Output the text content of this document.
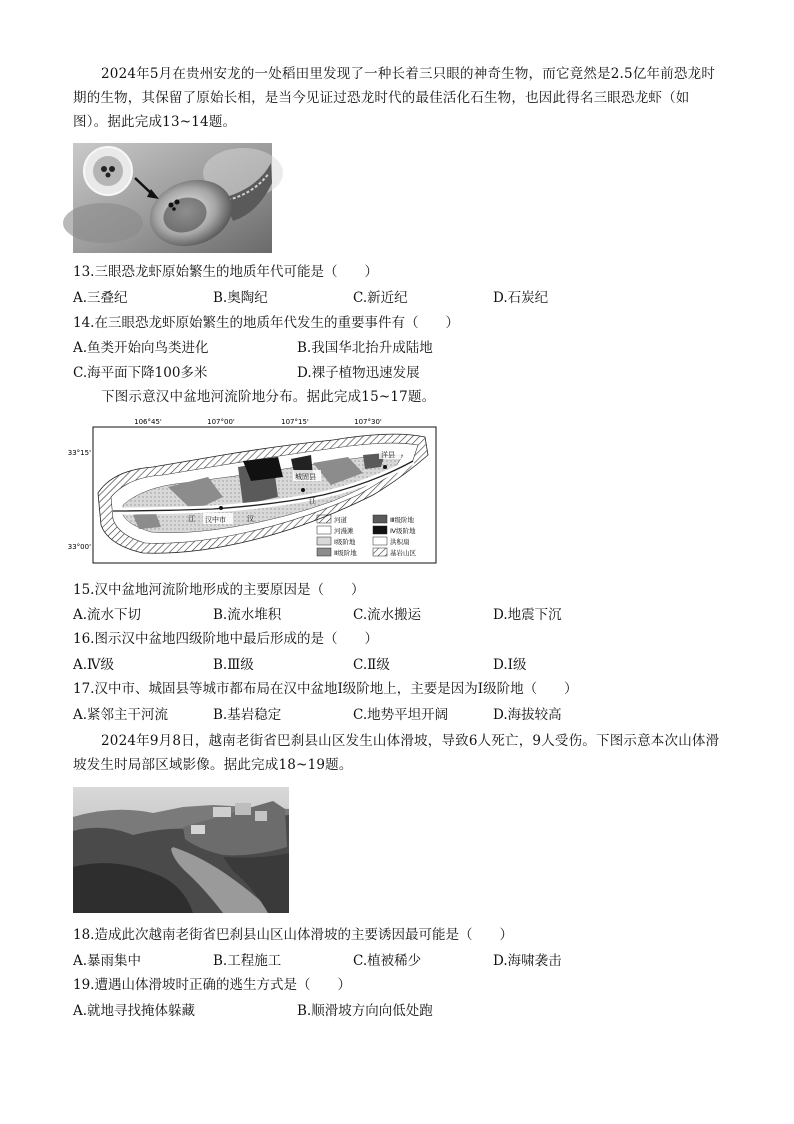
2024年5月在贵州安龙的一处稻田里发现了一种长着三只眼的神奇生物，而它竟然是2.5亿年前恐龙时期的生物，其保留了原始长相，是当今见证过恐龙时代的最佳活化石生物，也因此得名三眼恐龙虾（如图）。据此完成13~14题。

13.三眼恐龙虾原始繁生的地质年代可能是（　　）

A.三叠纪	B.奥陶纪	C.新近纪	D.石炭纪

14.在三眼恐龙虾原始繁生的地质年代发生的重要事件有（　　）

A.鱼类开始向鸟类进化	B.我国华北抬升成陆地
C.海平面下降100多米	D.裸子植物迅速发展

下图示意汉中盆地河流阶地分布。据此完成15~17题。

106°45'	107°00'	107°15'	107°30'
33°15'
33°00'
城固县
洋县
汉中市	汉
江
江
河道	Ⅲ级阶地
河漫滩	Ⅳ级阶地
Ⅰ级阶地	洪积扇
Ⅱ级阶地	基岩山区

15.汉中盆地河流阶地形成的主要原因是（　　）

A.流水下切	B.流水堆积	C.流水搬运	D.地震下沉

16.图示汉中盆地四级阶地中最后形成的是（　　）

A.Ⅳ级	B.Ⅲ级	C.Ⅱ级	D.Ⅰ级

17.汉中市、城固县等城市都布局在汉中盆地Ⅰ级阶地上，主要是因为Ⅰ级阶地（　　）

A.紧邻主干河流	B.基岩稳定	C.地势平坦开阔	D.海拔较高

2024年9月8日，越南老街省巴刹县山区发生山体滑坡，导致6人死亡，9人受伤。下图示意本次山体滑坡发生时局部区域影像。据此完成18~19题。

18.造成此次越南老街省巴刹县山区山体滑坡的主要诱因最可能是（　　）

A.暴雨集中	B.工程施工	C.植被稀少	D.海啸袭击

19.遭遇山体滑坡时正确的逃生方式是（　　）

A.就地寻找掩体躲藏	B.顺滑坡方向向低处跑
